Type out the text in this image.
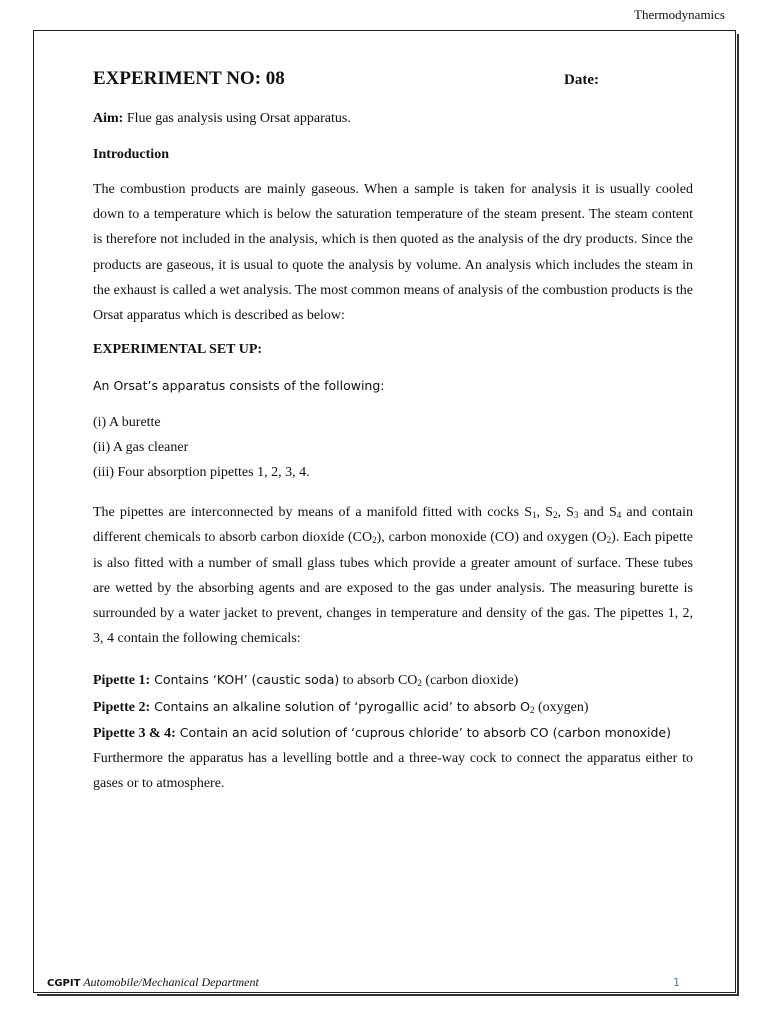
Thermodynamics
EXPERIMENT NO: 08	Date:

Aim: Flue gas analysis using Orsat apparatus.

Introduction

The combustion products are mainly gaseous. When a sample is taken for analysis it is usually cooled down to a temperature which is below the saturation temperature of the steam present. The steam content is therefore not included in the analysis, which is then quoted as the analysis of the dry products. Since the products are gaseous, it is usual to quote the analysis by volume. An analysis which includes the steam in the exhaust is called a wet analysis. The most common means of analysis of the combustion products is the Orsat apparatus which is described as below:

EXPERIMENTAL SET UP:

An Orsat’s apparatus consists of the following:

(i) A burette

(ii) A gas cleaner

(iii) Four absorption pipettes 1, 2, 3, 4.

The pipettes are interconnected by means of a manifold fitted with cocks $S_1$, $S_2$, $S_3$ and $S_4$ and contain different chemicals to absorb carbon dioxide $(CO_2)$, carbon monoxide (CO) and oxygen $(O_2)$. Each pipette is also fitted with a number of small glass tubes which provide a greater amount of surface. These tubes are wetted by the absorbing agents and are exposed to the gas under analysis. The measuring burette is surrounded by a water jacket to prevent, changes in temperature and density of the gas. The pipettes 1, 2, 3, 4 contain the following chemicals:

Pipette 1: Contains ‘KOH’ (caustic soda) to absorb $CO_2$ (carbon dioxide)

Pipette 2: Contains an alkaline solution of ‘pyrogallic acid’ to absorb $O_2$ (oxygen)

Pipette 3 & 4: Contain an acid solution of ‘cuprous chloride’ to absorb CO (carbon monoxide)

Furthermore the apparatus has a levelling bottle and a three-way cock to connect the apparatus either to gases or to atmosphere.

CGPIT Automobile/Mechanical Department	1
